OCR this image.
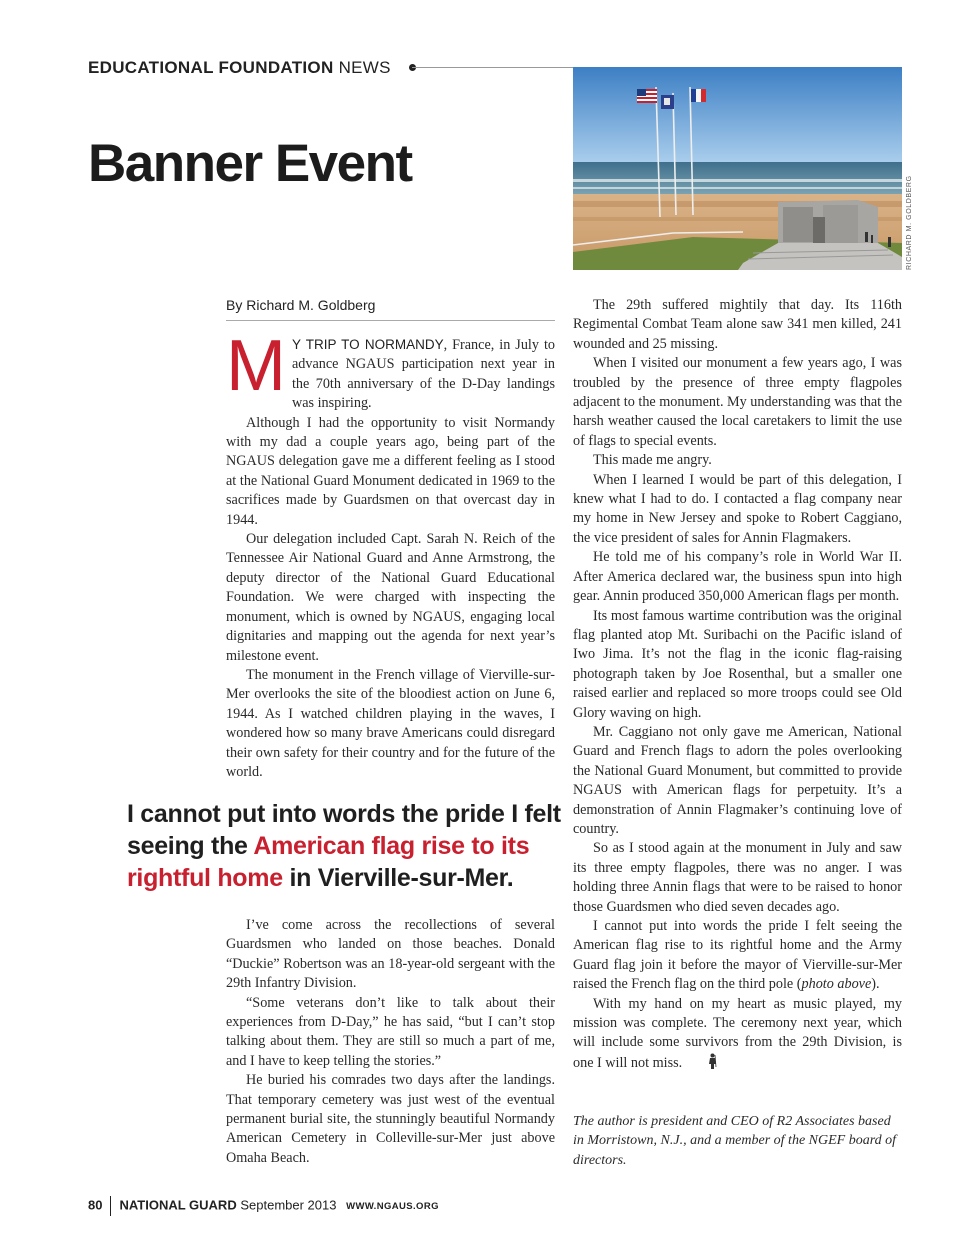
EDUCATIONAL FOUNDATION NEWS
Banner Event
RICHARD M. GOLDBERG
By Richard M. Goldberg

M Y TRIP TO NORMANDY, France, in July to advance NGAUS participation next year in the 70th anniversary of the D-Day landings was inspiring.

Although I had the opportunity to visit Normandy with my dad a couple years ago, being part of the NGAUS delegation gave me a different feeling as I stood at the National Guard Monument dedicated in 1969 to the sacrifices made by Guardsmen on that overcast day in 1944.

Our delegation included Capt. Sarah N. Reich of the Tennessee Air National Guard and Anne Armstrong, the deputy director of the National Guard Educational Foundation. We were charged with inspecting the monument, which is owned by NGAUS, engaging local dignitaries and mapping out the agenda for next year’s milestone event.

The monument in the French village of Vierville-sur-Mer overlooks the site of the bloodiest action on June 6, 1944. As I watched children playing in the waves, I wondered how so many brave Americans could disregard their own safety for their country and for the future of the world.

I cannot put into words the pride I felt seeing the American flag rise to its rightful home in Vierville-sur-Mer.

I’ve come across the recollections of several Guardsmen who landed on those beaches. Donald “Duckie” Robertson was an 18-year-old sergeant with the 29th Infantry Division.

“Some veterans don’t like to talk about their experiences from D-Day,” he has said, “but I can’t stop talking about them. They are still so much a part of me, and I have to keep telling the stories.”

He buried his comrades two days after the landings. That temporary cemetery was just west of the eventual permanent burial site, the stunningly beautiful Normandy American Cemetery in Colleville-sur-Mer just above Omaha Beach.

The 29th suffered mightily that day. Its 116th Regimental Combat Team alone saw 341 men killed, 241 wounded and 25 missing.

When I visited our monument a few years ago, I was troubled by the presence of three empty flagpoles adjacent to the monument. My understanding was that the harsh weather caused the local caretakers to limit the use of flags to special events.

This made me angry.

When I learned I would be part of this delegation, I knew what I had to do. I contacted a flag company near my home in New Jersey and spoke to Robert Caggiano, the vice president of sales for Annin Flagmakers.

He told me of his company’s role in World War II. After America declared war, the business spun into high gear. Annin produced 350,000 American flags per month.

Its most famous wartime contribution was the original flag planted atop Mt. Suribachi on the Pacific island of Iwo Jima. It’s not the flag in the iconic flag-raising photograph taken by Joe Rosenthal, but a smaller one raised earlier and replaced so more troops could see Old Glory waving on high.

Mr. Caggiano not only gave me American, National Guard and French flags to adorn the poles overlooking the National Guard Monument, but committed to provide NGAUS with American flags for perpetuity. It’s a demonstration of Annin Flagmaker’s continuing love of country.

So as I stood again at the monument in July and saw its three empty flagpoles, there was no anger. I was holding three Annin flags that were to be raised to honor those Guardsmen who died seven decades ago.

I cannot put into words the pride I felt seeing the American flag rise to its rightful home and the Army Guard flag join it before the mayor of Vierville-sur-Mer raised the French flag on the third pole (photo above).

With my hand on my heart as music played, my mission was complete. The ceremony next year, which will include some survivors from the 29th Division, is one I will not miss.

The author is president and CEO of R2 Associates based in Morristown, N.J., and a member of the NGEF board of directors.
80 NATIONAL GUARD September 2013 WWW.NGAUS.ORG
